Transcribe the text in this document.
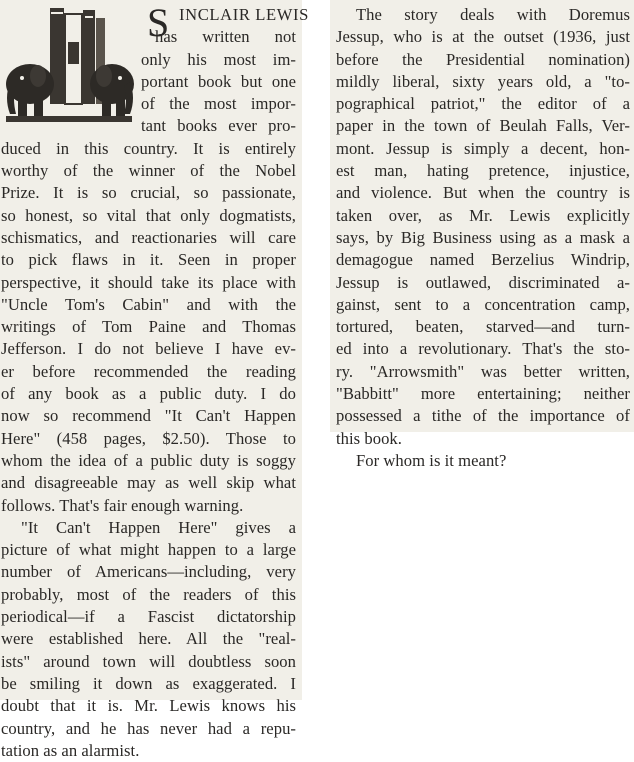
S INCLAIR LEWIS
has written not
only his most im-
portant book but one
of the most impor-
tant books ever pro-
duced in this country. It is entirely
worthy of the winner of the Nobel
Prize. It is so crucial, so passionate,
so honest, so vital that only dogmatists,
schismatics, and reactionaries will care
to pick flaws in it. Seen in proper
perspective, it should take its place with
"Uncle Tom's Cabin" and with the
writings of Tom Paine and Thomas
Jefferson. I do not believe I have ev-
er before recommended the reading
of any book as a public duty. I do
now so recommend "It Can't Happen
Here" (458 pages, $2.50). Those to
whom the idea of a public duty is soggy
and disagreeable may as well skip what
follows. That's fair enough warning.
"It Can't Happen Here" gives a
picture of what might happen to a large
number of Americans—including, very
probably, most of the readers of this
periodical—if a Fascist dictatorship
were established here. All the "real-
ists" around town will doubtless soon
be smiling it down as exaggerated. I
doubt that it is. Mr. Lewis knows his
country, and he has never had a repu-
tation as an alarmist.
The story deals with Doremus
Jessup, who is at the outset (1936, just
before the Presidential nomination)
mildly liberal, sixty years old, a "to-
pographical patriot," the editor of a
paper in the town of Beulah Falls, Ver-
mont. Jessup is simply a decent, hon-
est man, hating pretence, injustice,
and violence. But when the country is
taken over, as Mr. Lewis explicitly
says, by Big Business using as a mask a
demagogue named Berzelius Windrip,
Jessup is outlawed, discriminated a-
gainst, sent to a concentration camp,
tortured, beaten, starved—and turn-
ed into a revolutionary. That's the sto-
ry. "Arrowsmith" was better written,
"Babbitt" more entertaining; neither
possessed a tithe of the importance of
this book.
For whom is it meant?
